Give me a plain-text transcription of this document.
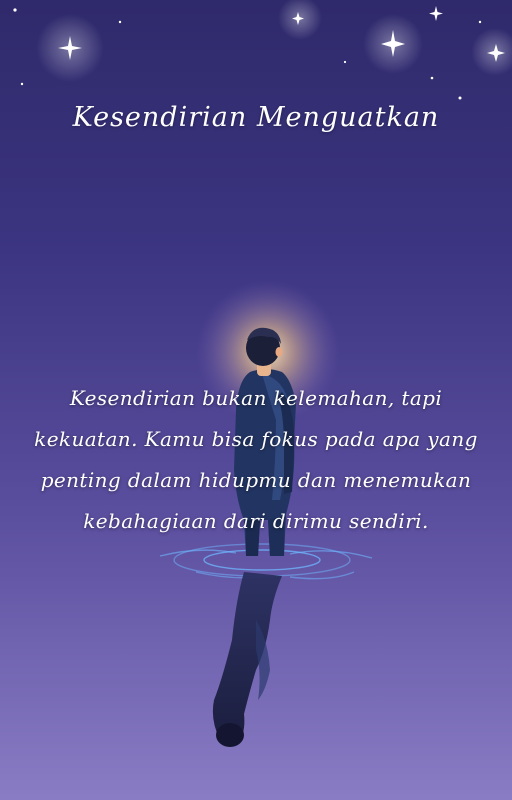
Kesendirian Menguatkan

Kesendirian bukan kelemahan, tapi kekuatan. Kamu bisa fokus pada apa yang penting dalam hidupmu dan menemukan kebahagiaan dari dirimu sendiri.
